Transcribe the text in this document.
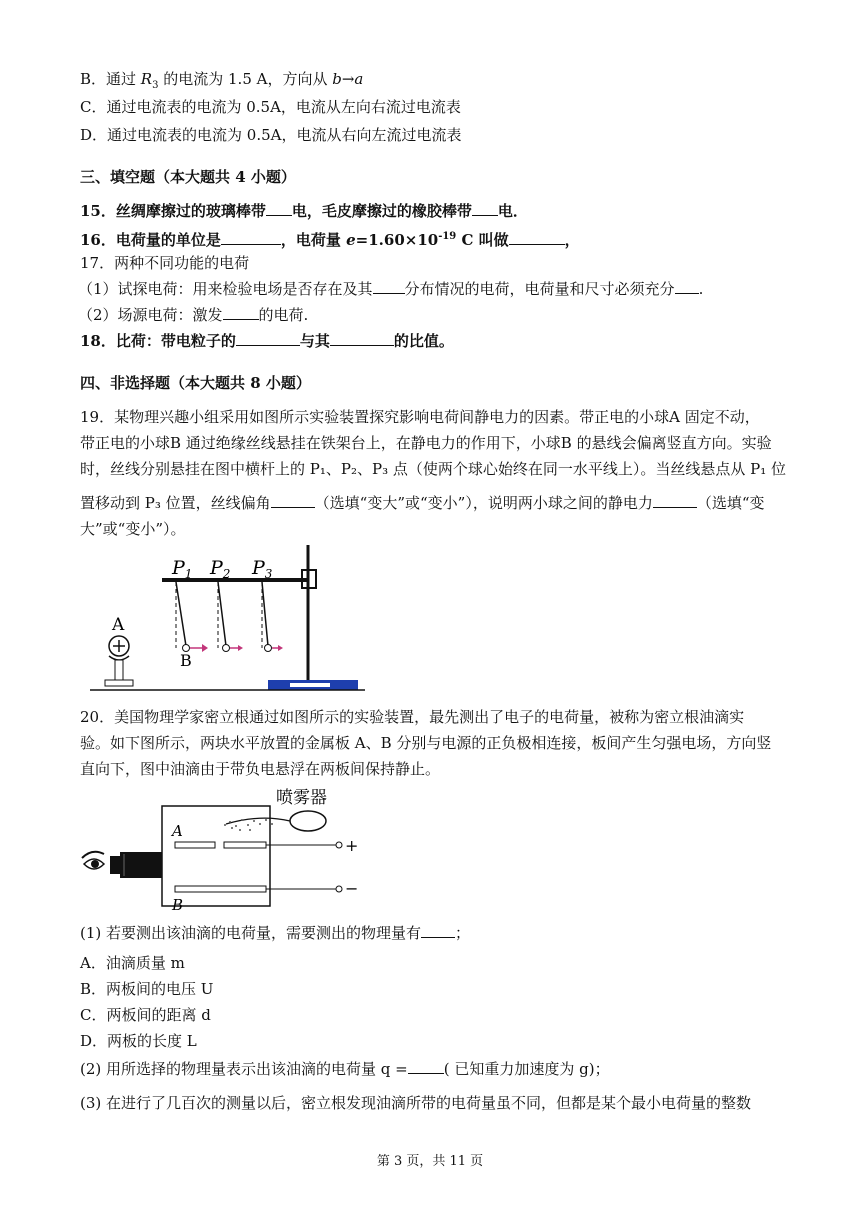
B．通过 $R_3$ 的电流为 1.5 A，方向从 b→a
C．通过电流表的电流为 0.5A，电流从左向右流过电流表
D．通过电流表的电流为 0.5A，电流从右向左流过电流表
三、填空题（本大题共 4 小题）
15．丝绸摩擦过的玻璃棒带 电，毛皮摩擦过的橡胶棒带 电．
16．电荷量的单位是	，电荷量 $e=1.60\times 10^{-19}$ C 叫做	，
17．两种不同功能的电荷
（1）试探电荷：用来检验电场是否存在及其 分布情况的电荷，电荷量和尺寸必须充分 .
（2）场源电荷：激发 的电荷.
18．比荷：带电粒子的	与其	的比值。
四、非选择题（本大题共 8 小题）
19．某物理兴趣小组采用如图所示实验装置探究影响电荷间静电力的因素。带正电的小球A 固定不动，
带正电的小球B 通过绝缘丝线悬挂在铁架台上，在静电力的作用下，小球B 的悬线会偏离竖直方向。实验
时，丝线分别悬挂在图中横杆上的 P₁、P₂、P₃ 点（使两个球心始终在同一水平线上）。当丝线悬点从 P₁ 位
置移动到 P₃ 位置，丝线偏角	（选填“变大”或“变小”），说明两小球之间的静电力	（选填“变
大”或“变小”）。
$P_1$ $P_2$ $P_3$
B
A
20．美国物理学家密立根通过如图所示的实验装置，最先测出了电子的电荷量，被称为密立根油滴实
验。如下图所示，两块水平放置的金属板 A、B 分别与电源的正负极相连接，板间产生匀强电场，方向竖
直向下，图中油滴由于带负电悬浮在两板间保持静止。
喷雾器
A
+
−
B
(1) 若要测出该油滴的电荷量，需要测出的物理量有 ；
A．油滴质量 m
B．两板间的电压 U
C．两板间的距离 d
D．两板的长度 L
(2) 用所选择的物理量表示出该油滴的电荷量 q = ( 已知重力加速度为 g)；
(3) 在进行了几百次的测量以后，密立根发现油滴所带的电荷量虽不同，但都是某个最小电荷量的整数
第 3 页，共 11 页
